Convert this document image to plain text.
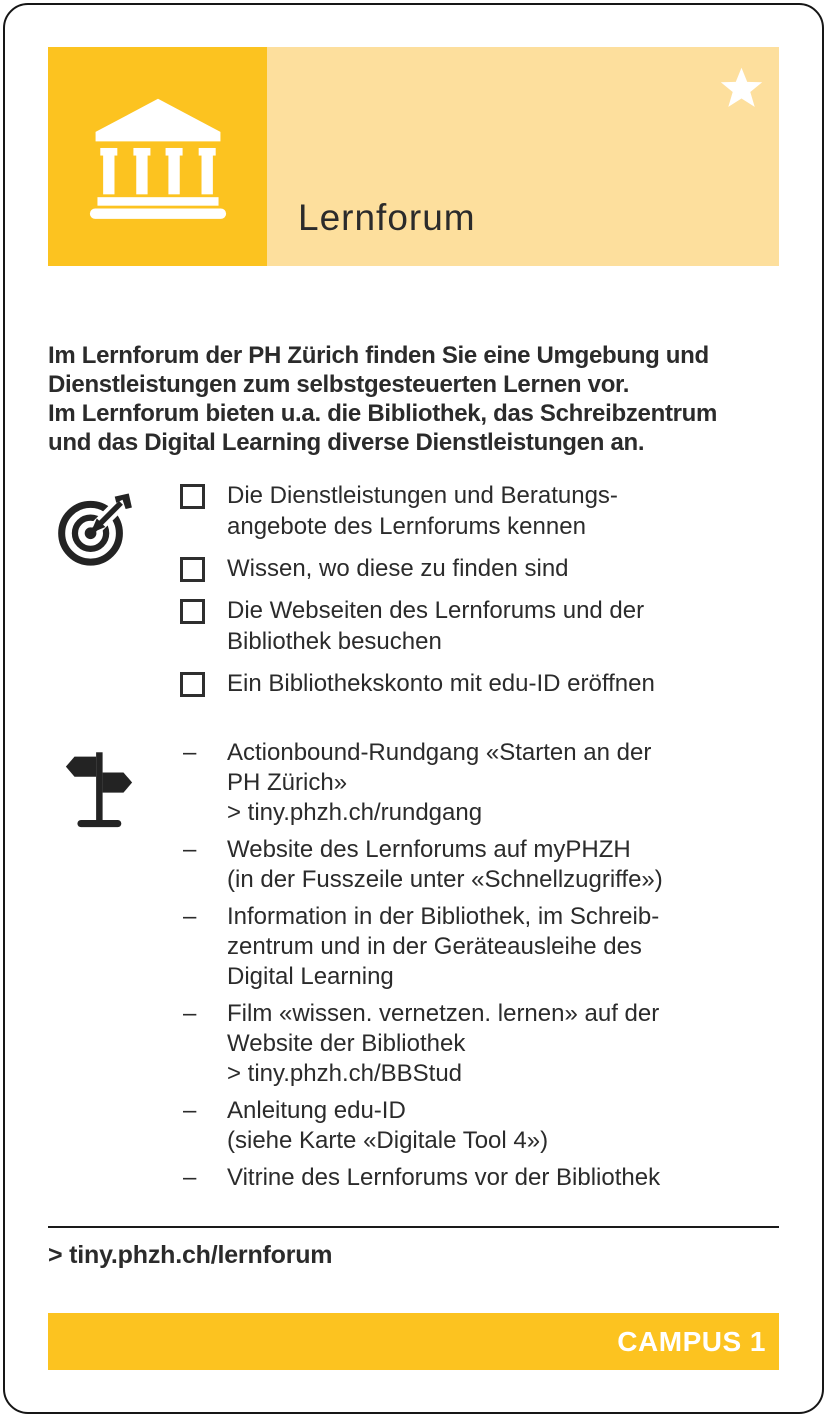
Lernforum

Im Lernforum der PH Zürich finden Sie eine Umgebung und
Dienstleistungen zum selbstgesteuerten Lernen vor.
Im Lernforum bieten u.a. die Bibliothek, das Schreibzentrum
und das Digital Learning diverse Dienstleistungen an.

Die Dienstleistungen und Beratungs-
angebote des Lernforums kennen
Wissen, wo diese zu finden sind
Die Webseiten des Lernforums und der
Bibliothek besuchen
Ein Bibliothekskonto mit edu-ID eröffnen
–	Actionbound-Rundgang «Starten an der
PH Zürich»
> tiny.phzh.ch/rundgang
–	Website des Lernforums auf myPHZH
(in der Fusszeile unter «Schnellzugriffe»)
–	Information in der Bibliothek, im Schreib-
zentrum und in der Geräteausleihe des
Digital Learning
–	Film «wissen. vernetzen. lernen» auf der
Website der Bibliothek
> tiny.phzh.ch/BBStud
–	Anleitung edu-ID
(siehe Karte «Digitale Tool 4»)
–	Vitrine des Lernforums vor der Bibliothek
> tiny.phzh.ch/lernforum
CAMPUS 1
